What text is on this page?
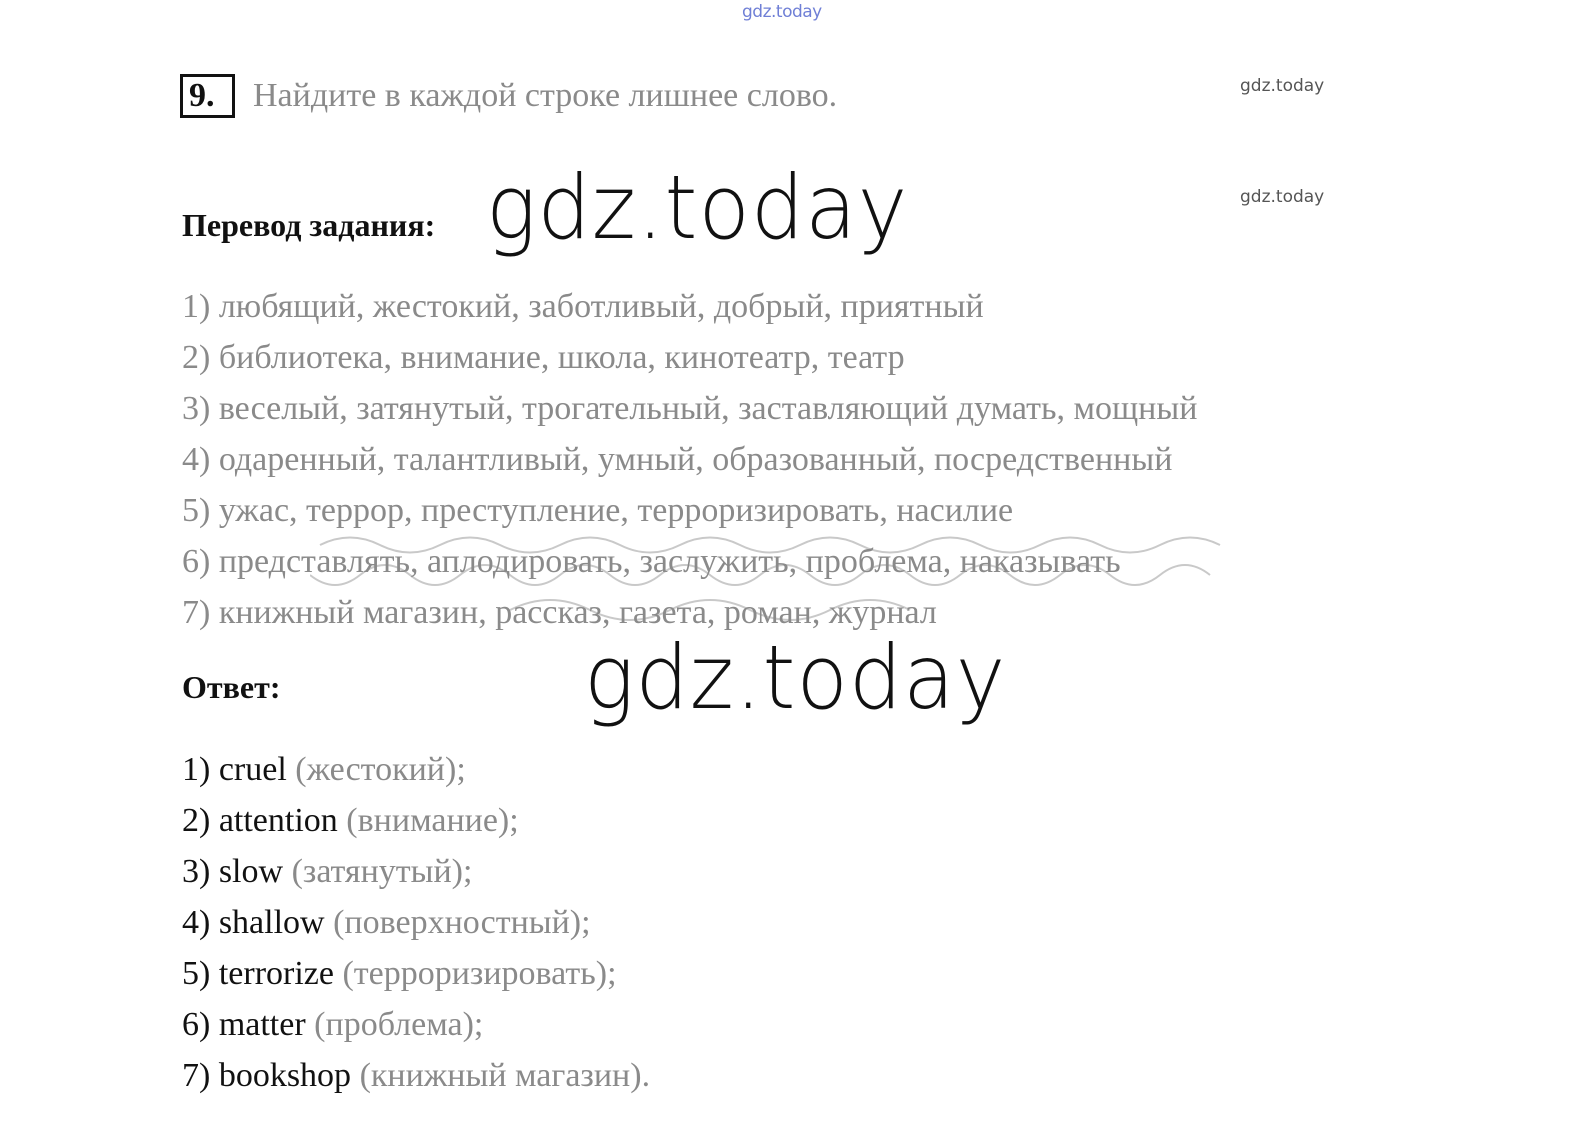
gdz.today
gdz.today
gdz.today
gdz.today
gdz.today
9.	Найдите в каждой строке лишнее слово.
Перевод задания:
1) любящий, жестокий, заботливый, добрый, приятный
2) библиотека, внимание, школа, кинотеатр, театр
3) веселый, затянутый, трогательный, заставляющий думать, мощный
4) одаренный, талантливый, умный, образованный, посредственный
5) ужас, террор, преступление, терроризировать, насилие
6) представлять, аплодировать, заслужить, проблема, наказывать
7) книжный магазин, рассказ, газета, роман, журнал
Ответ:
1) cruel (жестокий);
2) attention (внимание);
3) slow (затянутый);
4) shallow (поверхностный);
5) terrorize (терроризировать);
6) matter (проблема);
7) bookshop (книжный магазин).
